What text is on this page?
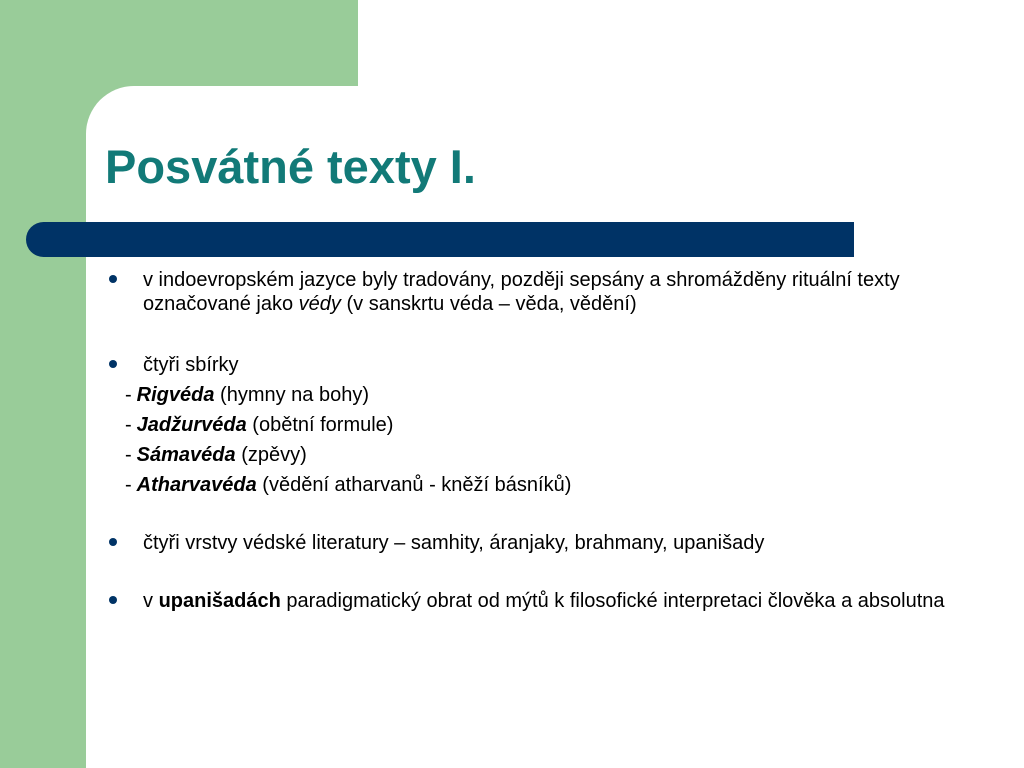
Posvátné texty I.

v indoevropském jazyce byly tradovány, později sepsány a shromážděny rituální texty označované jako védy (v sanskrtu véda – věda, vědění)

čtyři sbírky

- Rigvéda (hymny na bohy)
- Jadžurvéda (obětní formule)
- Sámavéda (zpěvy)
- Atharvavéda (vědění atharvanů - kněží básníků)

čtyři vrstvy védské literatury – samhity, áranjaky, brahmany, upanišady

v upanišadách paradigmatický obrat od mýtů k filosofické interpretaci člověka a absolutna
